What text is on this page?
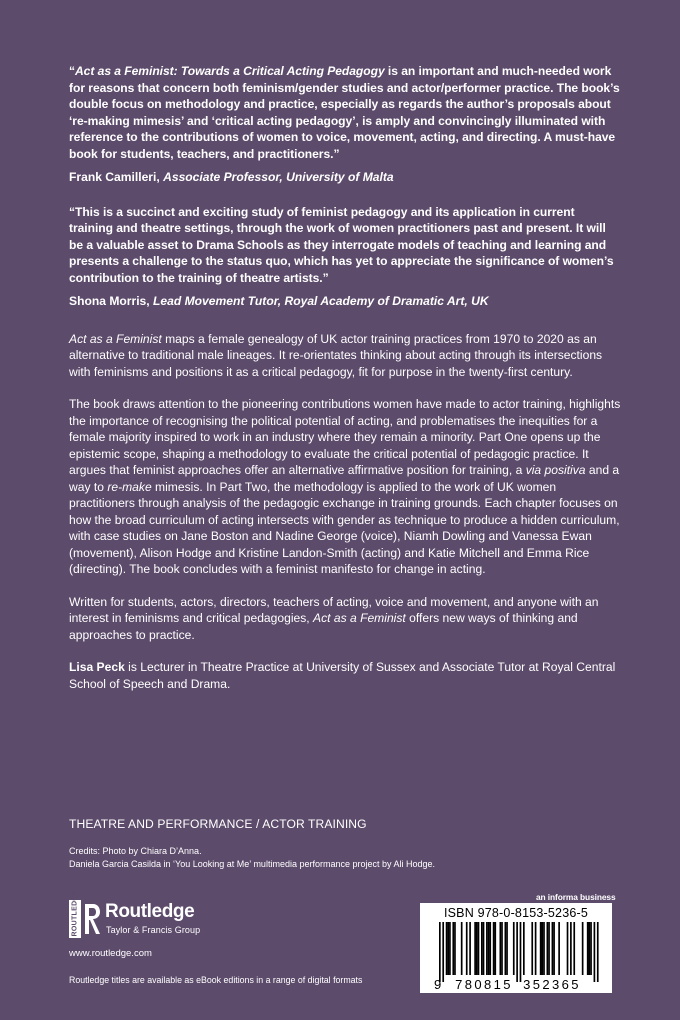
“Act as a Feminist: Towards a Critical Acting Pedagogy is an important and much-needed work for reasons that concern both feminism/gender studies and actor/performer practice. The book’s double focus on methodology and practice, especially as regards the author’s proposals about ‘re-making mimesis’ and ‘critical acting pedagogy’, is amply and convincingly illuminated with reference to the contributions of women to voice, movement, acting, and directing. A must-have book for students, teachers, and practitioners.”

Frank Camilleri, Associate Professor, University of Malta

“This is a succinct and exciting study of feminist pedagogy and its application in current training and theatre settings, through the work of women practitioners past and present. It will be a valuable asset to Drama Schools as they interrogate models of teaching and learning and presents a challenge to the status quo, which has yet to appreciate the significance of women’s contribution to the training of theatre artists.”

Shona Morris, Lead Movement Tutor, Royal Academy of Dramatic Art, UK

Act as a Feminist maps a female genealogy of UK actor training practices from 1970 to 2020 as an alternative to traditional male lineages. It re-orientates thinking about acting through its intersections with feminisms and positions it as a critical pedagogy, fit for purpose in the twenty-first century.

The book draws attention to the pioneering contributions women have made to actor training, highlights the importance of recognising the political potential of acting, and problematises the inequities for a female majority inspired to work in an industry where they remain a minority. Part One opens up the epistemic scope, shaping a methodology to evaluate the critical potential of pedagogic practice. It argues that feminist approaches offer an alternative affirmative position for training, a via positiva and a way to re-make mimesis. In Part Two, the methodology is applied to the work of UK women practitioners through analysis of the pedagogic exchange in training grounds. Each chapter focuses on how the broad curriculum of acting intersects with gender as technique to produce a hidden curriculum, with case studies on Jane Boston and Nadine George (voice), Niamh Dowling and Vanessa Ewan (movement), Alison Hodge and Kristine Landon-Smith (acting) and Katie Mitchell and Emma Rice (directing). The book concludes with a feminist manifesto for change in acting.

Written for students, actors, directors, teachers of acting, voice and movement, and anyone with an interest in feminisms and critical pedagogies, Act as a Feminist offers new ways of thinking and approaches to practice.

Lisa Peck is Lecturer in Theatre Practice at University of Sussex and Associate Tutor at Royal Central School of Speech and Drama.

THEATRE AND PERFORMANCE / ACTOR TRAINING
Credits: Photo by Chiara D’Anna.
Daniela Garcia Casilda in ‘You Looking at Me’ multimedia performance project by Ali Hodge.
ROUTLEDGE Routledge
Taylor & Francis Group
www.routledge.com
Routledge titles are available as eBook editions in a range of digital formats
an informa business
ISBN 978-0-8153-5236-5
9 780815 352365
